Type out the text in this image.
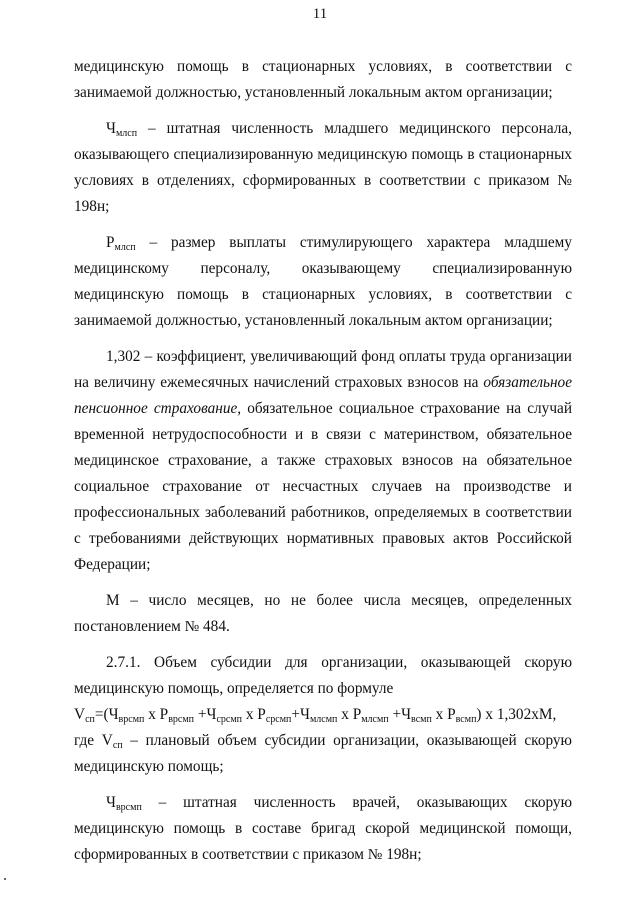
11

медицинскую помощь в стационарных условиях, в соответствии с занимаемой должностью, установленный локальным актом организации;

$Ч_{млсп}$ – штатная численность младшего медицинского персонала, оказывающего специализированную медицинскую помощь в стационарных условиях в отделениях, сформированных в соответствии с приказом № 198н;

$Р_{млсп}$ – размер выплаты стимулирующего характера младшему медицинскому персоналу, оказывающему специализированную медицинскую помощь в стационарных условиях, в соответствии с занимаемой должностью, установленный локальным актом организации;

1,302 – коэффициент, увеличивающий фонд оплаты труда организации на величину ежемесячных начислений страховых взносов на обязательное пенсионное страхование, обязательное социальное страхование на случай временной нетрудоспособности и в связи с материнством, обязательное медицинское страхование, а также страховых взносов на обязательное социальное страхование от несчастных случаев на производстве и профессиональных заболеваний работников, определяемых в соответствии с требованиями действующих нормативных правовых актов Российской Федерации;

М – число месяцев, но не более числа месяцев, определенных постановлением № 484.

2.7.1. Объем субсидии для организации, оказывающей скорую медицинскую помощь, определяется по формуле

$V_{сп}=(Ч_{врсмп}$ х $Р_{врсмп} +Ч_{срсмп}$ х $Р_{срсмп}+Ч_{млсмп}$ х $Р_{млсмп} +Ч_{всмп}$ х $Р_{всмп}$) х 1,302хМ,

где $V_{сп}$ – плановый объем субсидии организации, оказывающей скорую медицинскую помощь;

$Ч_{врсмп}$ – штатная численность врачей, оказывающих скорую медицинскую помощь в составе бригад скорой медицинской помощи, сформированных в соответствии с приказом № 198н;
